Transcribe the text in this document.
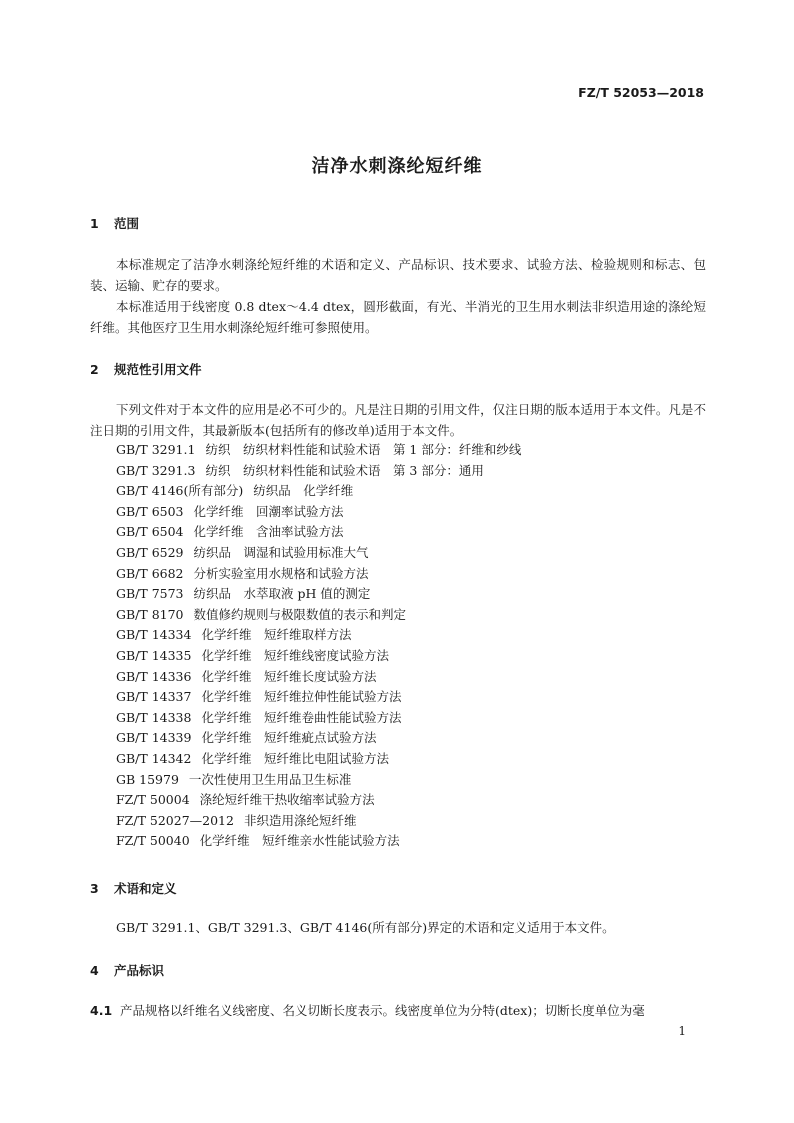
FZ/T 52053—2018
洁净水刺涤纶短纤维
1 范围
本标准规定了洁净水刺涤纶短纤维的术语和定义、产品标识、技术要求、试验方法、检验规则和标志、包装、运输、贮存的要求。
本标准适用于线密度 0.8 dtex～4.4 dtex，圆形截面，有光、半消光的卫生用水刺法非织造用途的涤纶短纤维。其他医疗卫生用水刺涤纶短纤维可参照使用。
2 规范性引用文件
下列文件对于本文件的应用是必不可少的。凡是注日期的引用文件，仅注日期的版本适用于本文件。凡是不注日期的引用文件，其最新版本(包括所有的修改单)适用于本文件。
GB/T 3291.1 纺织　纺织材料性能和试验术语　第 1 部分：纤维和纱线
GB/T 3291.3 纺织　纺织材料性能和试验术语　第 3 部分：通用
GB/T 4146(所有部分) 纺织品　化学纤维
GB/T 6503 化学纤维　回潮率试验方法
GB/T 6504 化学纤维　含油率试验方法
GB/T 6529 纺织品　调湿和试验用标准大气
GB/T 6682 分析实验室用水规格和试验方法
GB/T 7573 纺织品　水萃取液 pH 值的测定
GB/T 8170 数值修约规则与极限数值的表示和判定
GB/T 14334 化学纤维　短纤维取样方法
GB/T 14335 化学纤维　短纤维线密度试验方法
GB/T 14336 化学纤维　短纤维长度试验方法
GB/T 14337 化学纤维　短纤维拉伸性能试验方法
GB/T 14338 化学纤维　短纤维卷曲性能试验方法
GB/T 14339 化学纤维　短纤维疵点试验方法
GB/T 14342 化学纤维　短纤维比电阻试验方法
GB 15979 一次性使用卫生用品卫生标准
FZ/T 50004 涤纶短纤维干热收缩率试验方法
FZ/T 52027—2012 非织造用涤纶短纤维
FZ/T 50040 化学纤维　短纤维亲水性能试验方法
3 术语和定义
GB/T 3291.1、GB/T 3291.3、GB/T 4146(所有部分)界定的术语和定义适用于本文件。
4 产品标识
4.1 产品规格以纤维名义线密度、名义切断长度表示。线密度单位为分特(dtex)；切断长度单位为毫
1
